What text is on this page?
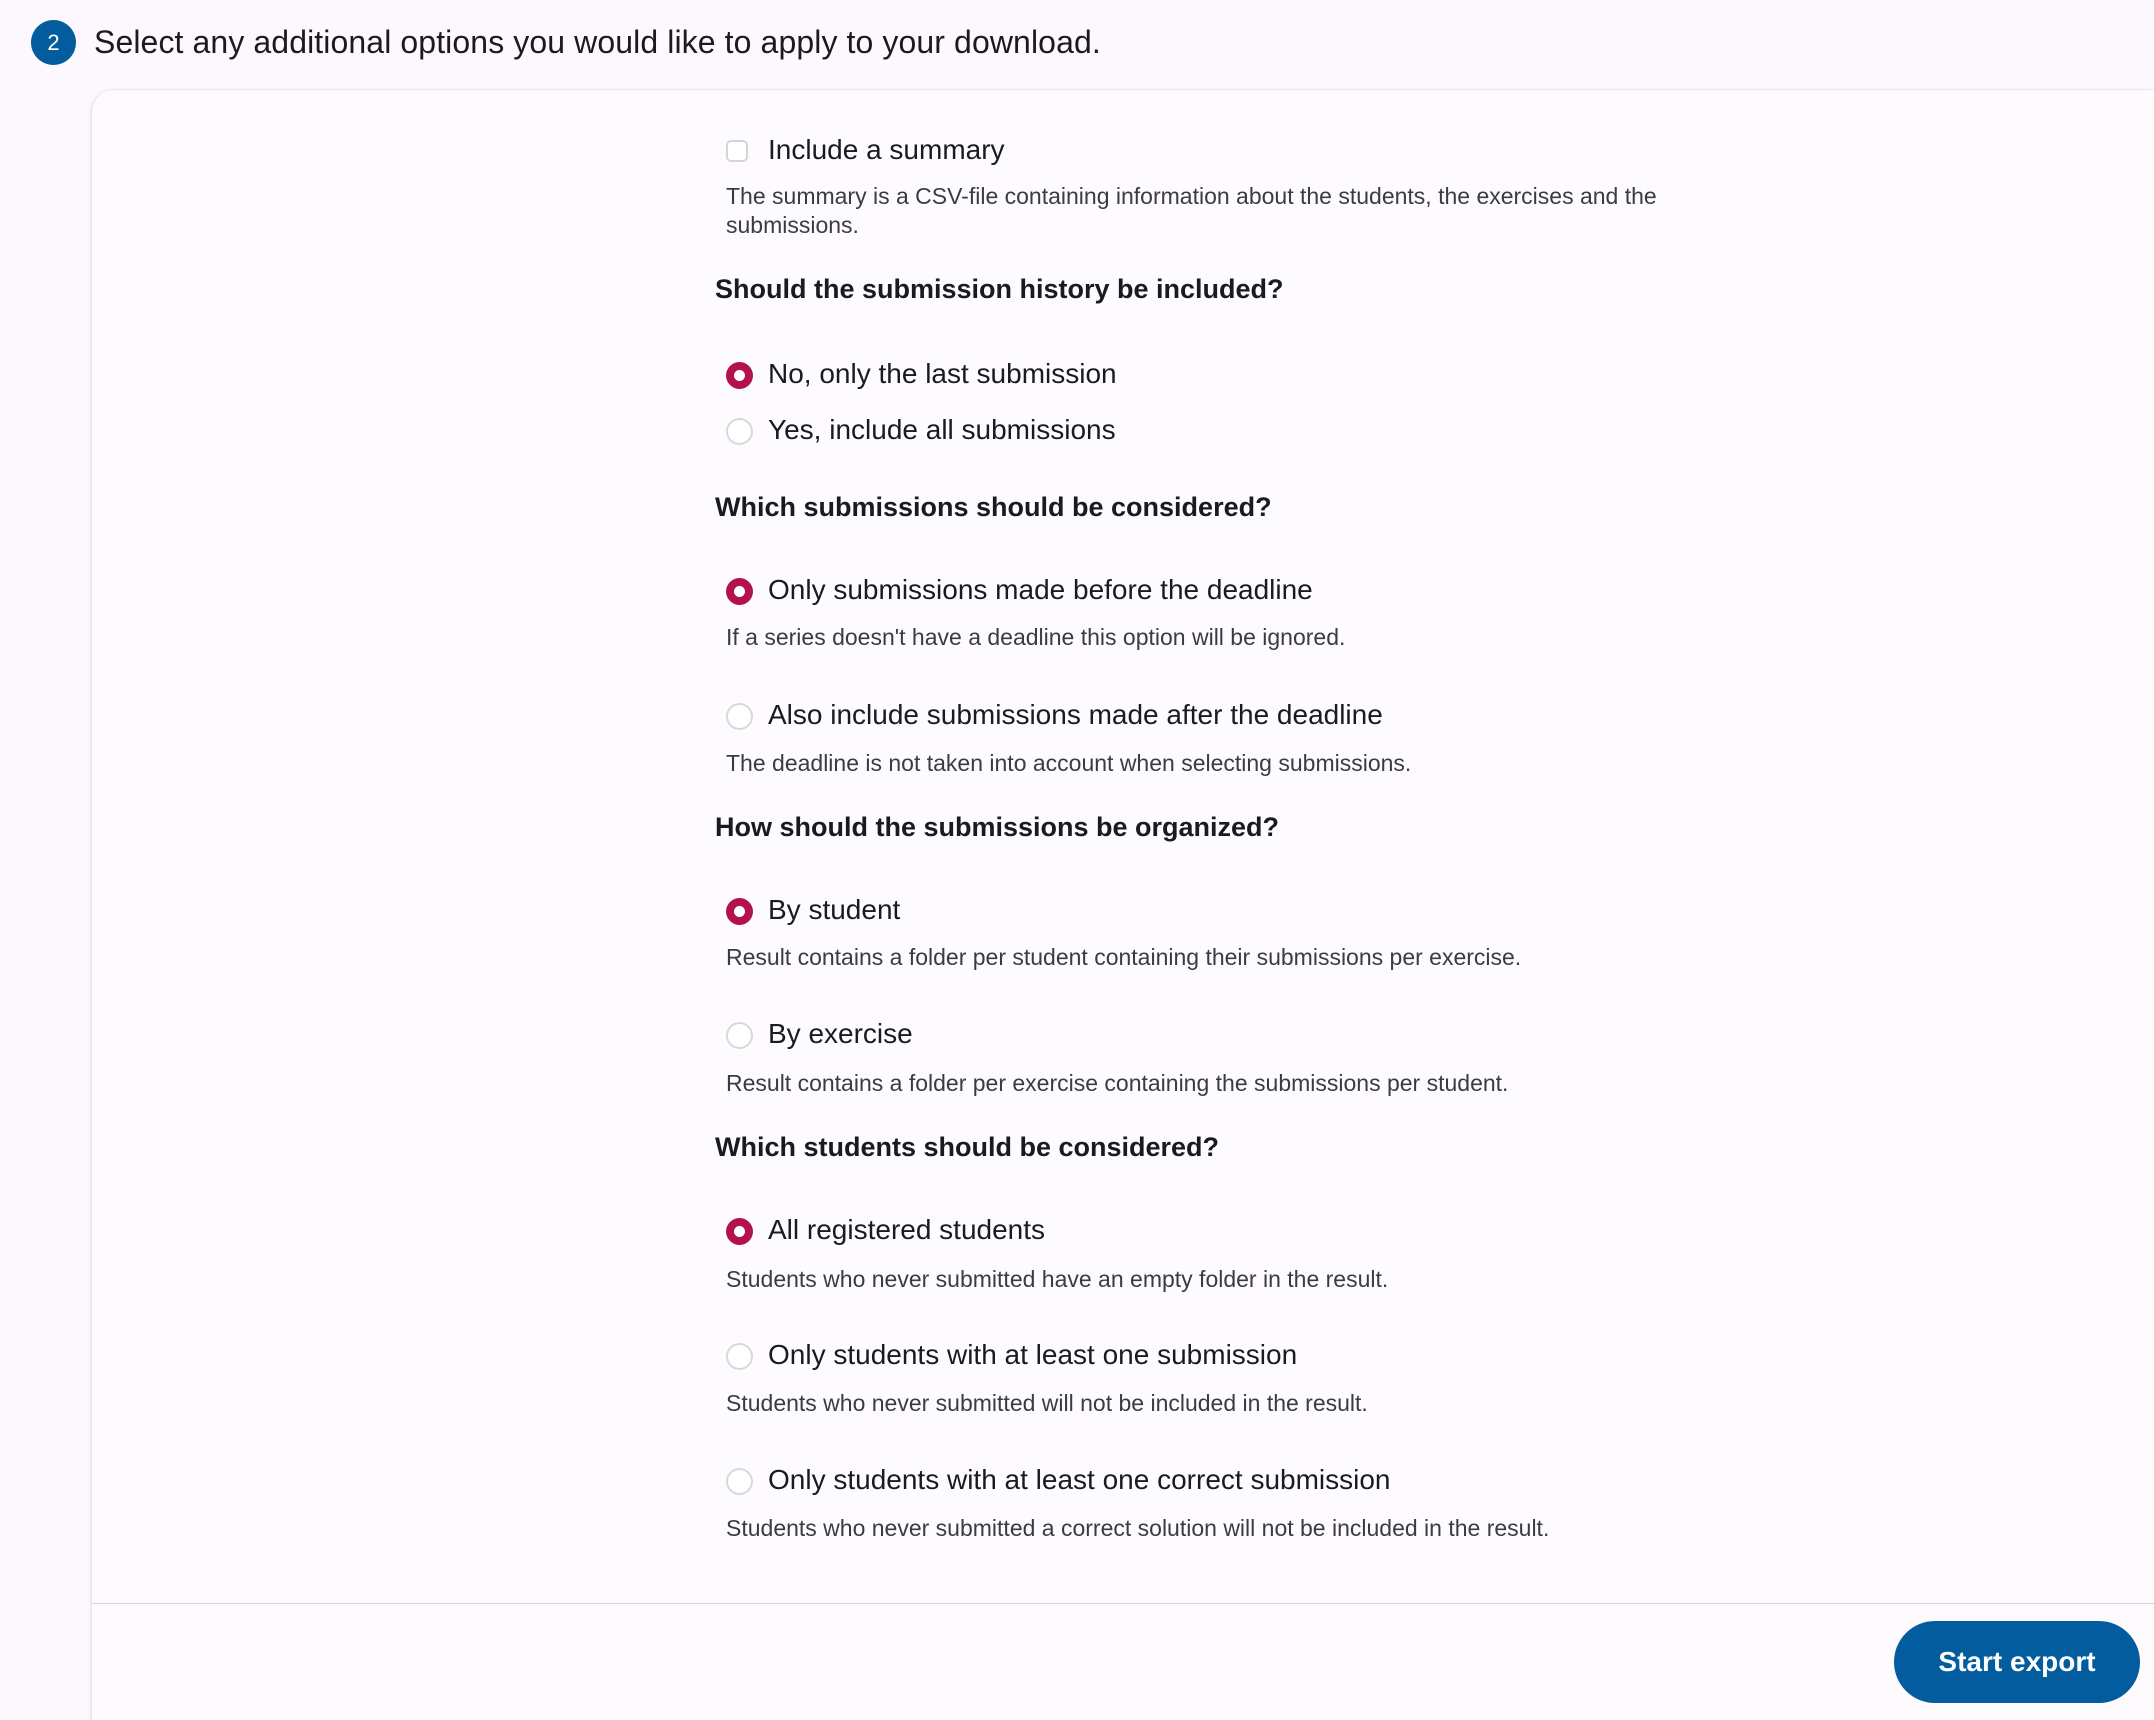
2	Select any additional options you would like to apply to your download.
Include a summary
The summary is a CSV-file containing information about the students, the exercises and the submissions.
Should the submission history be included?
No, only the last submission
Yes, include all submissions
Which submissions should be considered?
Only submissions made before the deadline
If a series doesn't have a deadline this option will be ignored.
Also include submissions made after the deadline
The deadline is not taken into account when selecting submissions.
How should the submissions be organized?
By student
Result contains a folder per student containing their submissions per exercise.
By exercise
Result contains a folder per exercise containing the submissions per student.
Which students should be considered?
All registered students
Students who never submitted have an empty folder in the result.
Only students with at least one submission
Students who never submitted will not be included in the result.
Only students with at least one correct submission
Students who never submitted a correct solution will not be included in the result.
Start export
